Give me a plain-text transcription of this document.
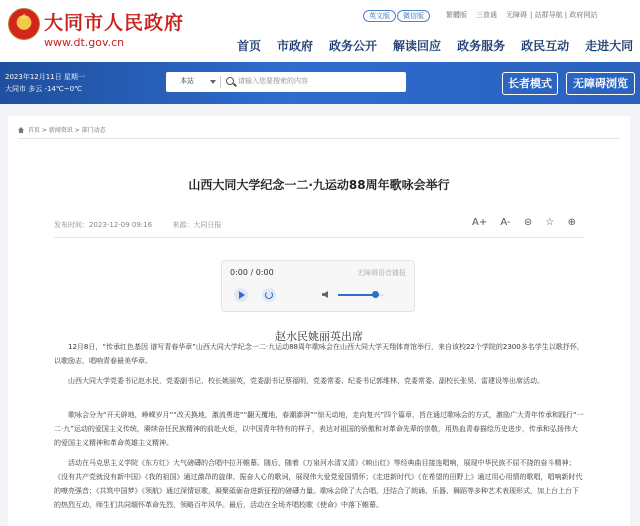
★ 大同市人民政府
www.dt.gov.cn
英文版	微信版	繁體版 三普通 无障碍 | 站群导航 | 政府网站
首页 市政府 政务公开 解读回应 政务服务 政民互动 走进大同
2023年12月11日 星期一
大同市 多云 -14℃~0℃
本站	请输入您要搜索的内容	长者模式	无障碍浏览
首页 > 新闻资讯 > 部门动态
山西大同大学纪念一二·九运动88周年歌咏会举行
发布时间：2023-12-09 09:16	来源：大同日报	A+ A- ⊜ ☆ ⊕
0:00 / 0:00	无障碍语音播报
赵水民姚丽英出席

12月8日，“传承红色基因 谱写青春华章”山西大同大学纪念一二·九运动88周年歌咏会在山西大同大学天翔体育馆举行，来自该校22个学院的2300多名学生以歌抒怀，以歌励志，唱响青春最美华章。

山西大同大学党委书记赵水民，党委副书记、校长姚丽英，党委副书记蔡福明，党委常委、纪委书记郭维林，党委常委、副校长张昊、雷建设等出席活动。

歌咏会分为“开天辟地，峥嵘岁月”“改天换地，激流勇进”“翻天覆地，春潮澎湃”“惊天动地，走向复兴”四个篇章，旨在通过歌咏会的方式，激励广大青年传承和践行“一二·九”运动的爱国主义传统，赓续奋任民族精神的前赴火炬，以中国青年特有的样子，表达对祖国的骄傲和对革命先辈的崇敬，用热血青春描绘历史进步，传承和弘扬伟大的爱国主义精神和革命英雄主义精神。

活动在马克思主义学院《东方红》大气磅礴的合唱中拉开帷幕。随后，随着《万泉河水清又清》《映山红》等经典曲目接连唱响，展现中华民族不屈不挠的奋斗精神；《没有共产党就没有新中国》《我的祖国》通过激昂的旋律、振奋人心的歌词，展现伟大爱党爱国情怀；《走进新时代》《在希望的田野上》通过用心用情的歌唱，唱响新时代的嘹亮强音；《共筑中国梦》《领航》通过深情讴歌，凝聚砥砺奋进新征程的磅礴力量。歌咏会除了大合唱，还结合了朗诵、乐器、舞蹈等多种艺术表现形式，加上台上台下的热烈互动，师生们共同缅怀革命先烈，领略百年风华。最后，活动在全场齐唱校歌《使命》中落下帷幕。
